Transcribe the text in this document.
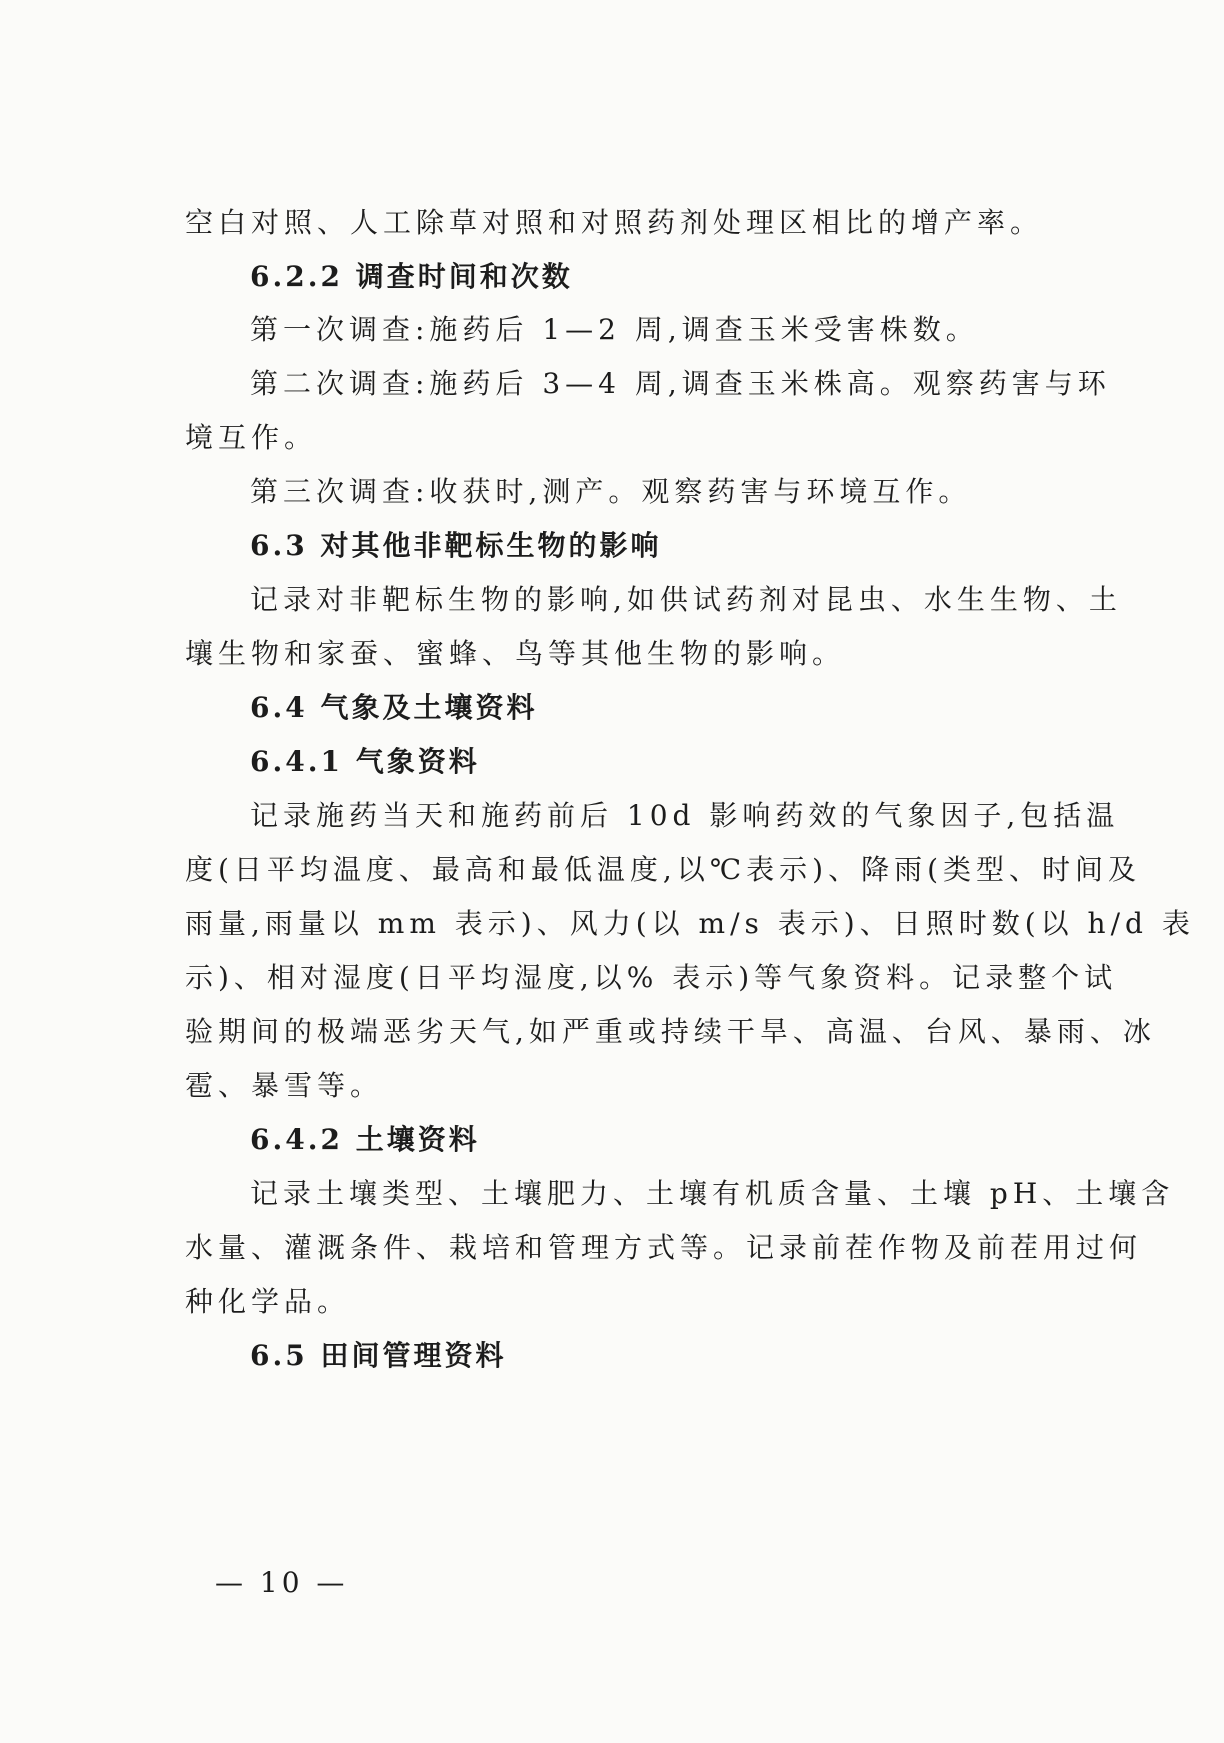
空白对照、人工除草对照和对照药剂处理区相比的增产率。
6.2.2 调查时间和次数
第一次调查:施药后 1—2 周,调查玉米受害株数。
第二次调查:施药后 3—4 周,调查玉米株高。观察药害与环
境互作。
第三次调查:收获时,测产。观察药害与环境互作。
6.3 对其他非靶标生物的影响
记录对非靶标生物的影响,如供试药剂对昆虫、水生生物、土
壤生物和家蚕、蜜蜂、鸟等其他生物的影响。
6.4 气象及土壤资料
6.4.1 气象资料
记录施药当天和施药前后 10d 影响药效的气象因子,包括温
度(日平均温度、最高和最低温度,以℃表示)、降雨(类型、时间及
雨量,雨量以 mm 表示)、风力(以 m/s 表示)、日照时数(以 h/d 表
示)、相对湿度(日平均湿度,以% 表示)等气象资料。记录整个试
验期间的极端恶劣天气,如严重或持续干旱、高温、台风、暴雨、冰
雹、暴雪等。
6.4.2 土壤资料
记录土壤类型、土壤肥力、土壤有机质含量、土壤 pH、土壤含
水量、灌溉条件、栽培和管理方式等。记录前茬作物及前茬用过何
种化学品。
6.5 田间管理资料
— 10 —
